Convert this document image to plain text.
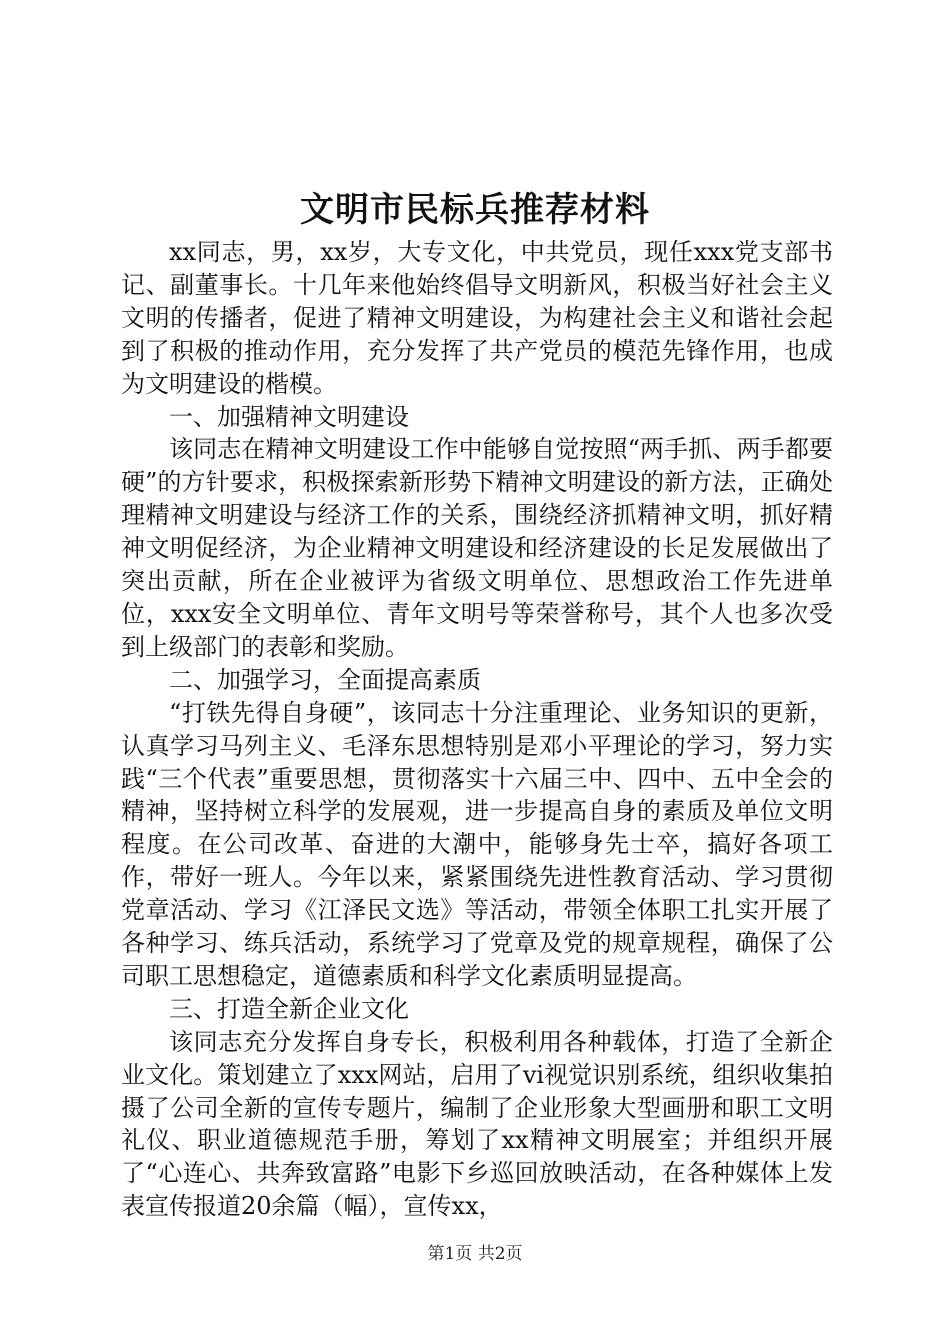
文明市民标兵推荐材料

xx同志，男，xx岁，大专文化，中共党员，现任xxx党支部书记、副董事长。十几年来他始终倡导文明新风，积极当好社会主义文明的传播者，促进了精神文明建设，为构建社会主义和谐社会起到了积极的推动作用，充分发挥了共产党员的模范先锋作用，也成为文明建设的楷模。

一、加强精神文明建设

该同志在精神文明建设工作中能够自觉按照“两手抓、两手都要硬”的方针要求，积极探索新形势下精神文明建设的新方法，正确处理精神文明建设与经济工作的关系，围绕经济抓精神文明，抓好精神文明促经济，为企业精神文明建设和经济建设的长足发展做出了突出贡献，所在企业被评为省级文明单位、思想政治工作先进单位，xxx安全文明单位、青年文明号等荣誉称号，其个人也多次受到上级部门的表彰和奖励。

二、加强学习，全面提高素质

“打铁先得自身硬”，该同志十分注重理论、业务知识的更新，认真学习马列主义、毛泽东思想特别是邓小平理论的学习，努力实践“三个代表”重要思想，贯彻落实十六届三中、四中、五中全会的精神，坚持树立科学的发展观，进一步提高自身的素质及单位文明程度。在公司改革、奋进的大潮中，能够身先士卒，搞好各项工作，带好一班人。今年以来，紧紧围绕先进性教育活动、学习贯彻党章活动、学习《江泽民文选》等活动，带领全体职工扎实开展了各种学习、练兵活动，系统学习了党章及党的规章规程，确保了公司职工思想稳定，道德素质和科学文化素质明显提高。

三、打造全新企业文化

该同志充分发挥自身专长，积极利用各种载体，打造了全新企业文化。策划建立了xxx网站，启用了vi视觉识别系统，组织收集拍摄了公司全新的宣传专题片，编制了企业形象大型画册和职工文明礼仪、职业道德规范手册，筹划了xx精神文明展室；并组织开展了“心连心、共奔致富路”电影下乡巡回放映活动，在各种媒体上发表宣传报道20余篇（幅），宣传xx，

第1页 共2页
